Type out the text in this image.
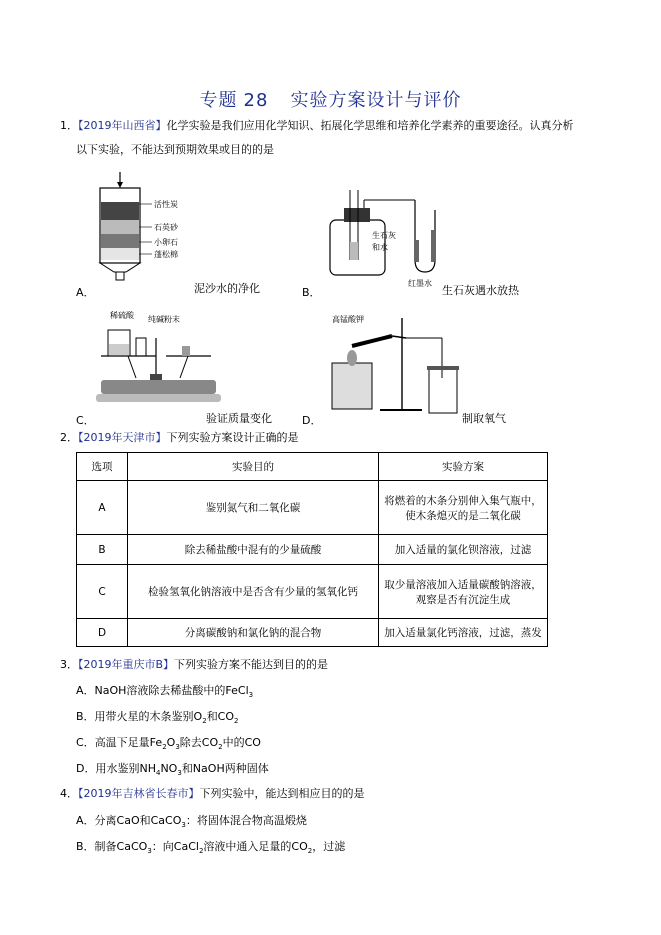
专题 28 实验方案设计与评价
1．【2019年山西省】化学实验是我们应用化学知识、拓展化学思维和培养化学素养的重要途径。认真分析
以下实验，不能达到预期效果或目的的是
活性炭
石英砂
小卵石
蓬松棉
A．	泥沙水的净化
生石灰
和水
红墨水
B．	生石灰遇水放热
稀硫酸 纯碱粉末
C．	验证质量变化
高锰酸钾
D．	制取氧气
2．【2019年天津市】下列实验方案设计正确的是
选项	实验目的	实验方案
A	鉴别氮气和二氧化碳	将燃着的木条分别伸入集气瓶中，
使木条熄灭的是二氧化碳

B	除去稀盐酸中混有的少量硫酸	加入适量的氯化钡溶液，过滤
C	检验氢氧化钠溶液中是否含有少量的氢氧化钙	取少量溶液加入适量碳酸钠溶液，
观察是否有沉淀生成

D	分离碳酸钠和氯化钠的混合物	加入适量氯化钙溶液，过滤，蒸发
3．【2019年重庆市B】下列实验方案不能达到目的的是
A．NaOH溶液除去稀盐酸中的FeCl$_3$
B．用带火星的木条鉴别$O_2$和$CO_2$
C．高温下足量$Fe_2O_3$除去$CO_2$中的CO
D．用水鉴别$NH_4NO_3$和NaOH两种固体
4．【2019年吉林省长春市】下列实验中，能达到相应目的的是
A．分离CaO和CaCO$_3$：将固体混合物高温煅烧
B．制备CaCO$_3$：向CaCl$_2$溶液中通入足量的$CO_2$，过滤
